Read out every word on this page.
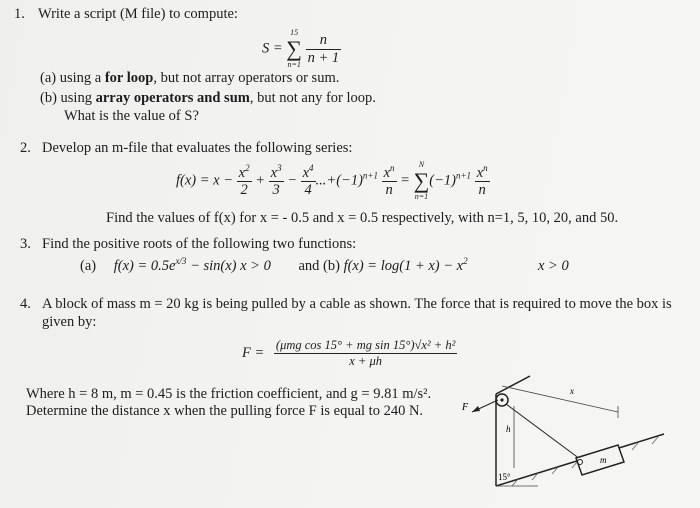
1. Write a script (M file) to compute:
S =
15
∑
n=1
$\frac{n}{n + 1}$
(a) using a for loop, but not array operators or sum.
(b) using array operators and sum, but not any for loop.
What is the value of S?
2. Develop an m-file that evaluates the following series:
$f(x) = x - \frac{x^2}{2} + \frac{x^3}{3} - \frac{x^4}{4} ...+(-1)^{n+1} \frac{x^n}{n}$ =
N
∑
n=1
$(-1)^{n+1} \frac{x^n}{n}$
Find the values of f(x) for x = - 0.5 and x = 0.5 respectively, with n=1, 5, 10, 20, and 50.
3. Find the positive roots of the following two functions:
(a) $f(x) = 0.5e^{x/3} - \sin(x) x > 0$ and (b) $f(x) = \log(1 + x) - x^2$	x > 0
4. A block of mass m = 20 kg is being pulled by a cable as shown. The force that is required to move the box is
given by:
$F = \frac{\text{(μmg cos 15° + mg sin 15°)√x² + h²}}{x + \mu h}$
Where h = 8 m, m = 0.45 is the friction coefficient, and g = 9.81 m/s².
Determine the distance x when the pulling force F is equal to 240 N.	F
x
h
m
15°
